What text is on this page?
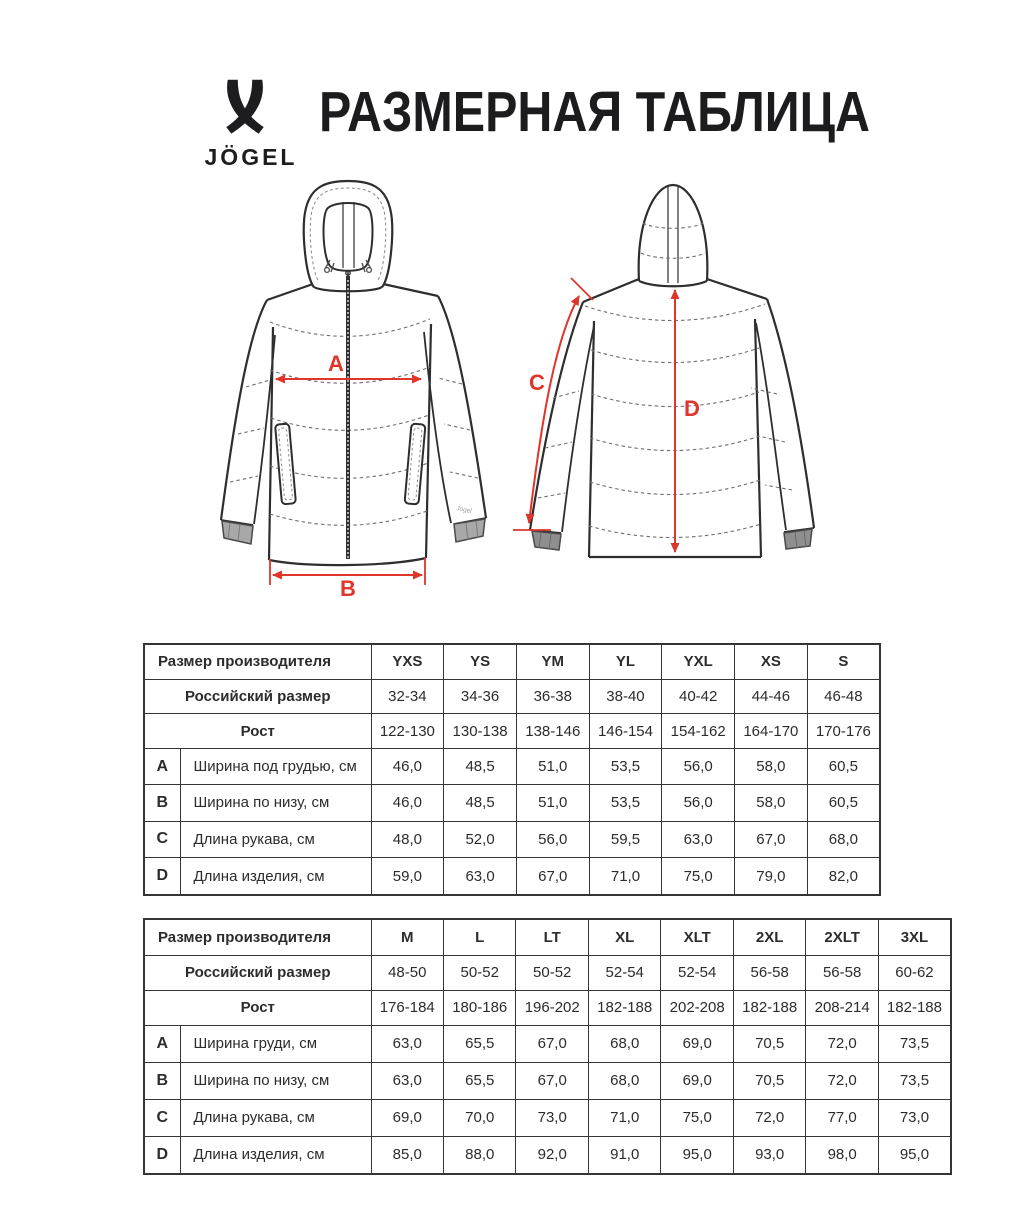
JÖGEL
РАЗМЕРНАЯ ТАБЛИЦА
Jögel
A
B
D
C
Размер производителя		YXS	YS	YM	YL	YXL	XS	S
Российский размер		32-34	34-36	36-38	38-40	40-42	44-46	46-48
Рост		122-130	130-138	138-146	146-154	154-162	164-170	170-176
A	Ширина под грудью, см	46,0	48,5	51,0	53,5	56,0	58,0	60,5
B	Ширина по низу, см	46,0	48,5	51,0	53,5	56,0	58,0	60,5
C	Длина рукава, см	48,0	52,0	56,0	59,5	63,0	67,0	68,0
D	Длина изделия, см	59,0	63,0	67,0	71,0	75,0	79,0	82,0
Размер производителя		M	L	LT	XL	XLT	2XL	2XLT	3XL
Российский размер		48-50	50-52	50-52	52-54	52-54	56-58	56-58	60-62
Рост		176-184	180-186	196-202	182-188	202-208	182-188	208-214	182-188
A	Ширина груди, см	63,0	65,5	67,0	68,0	69,0	70,5	72,0	73,5
B	Ширина по низу, см	63,0	65,5	67,0	68,0	69,0	70,5	72,0	73,5
C	Длина рукава, см	69,0	70,0	73,0	71,0	75,0	72,0	77,0	73,0
D	Длина изделия, см	85,0	88,0	92,0	91,0	95,0	93,0	98,0	95,0
